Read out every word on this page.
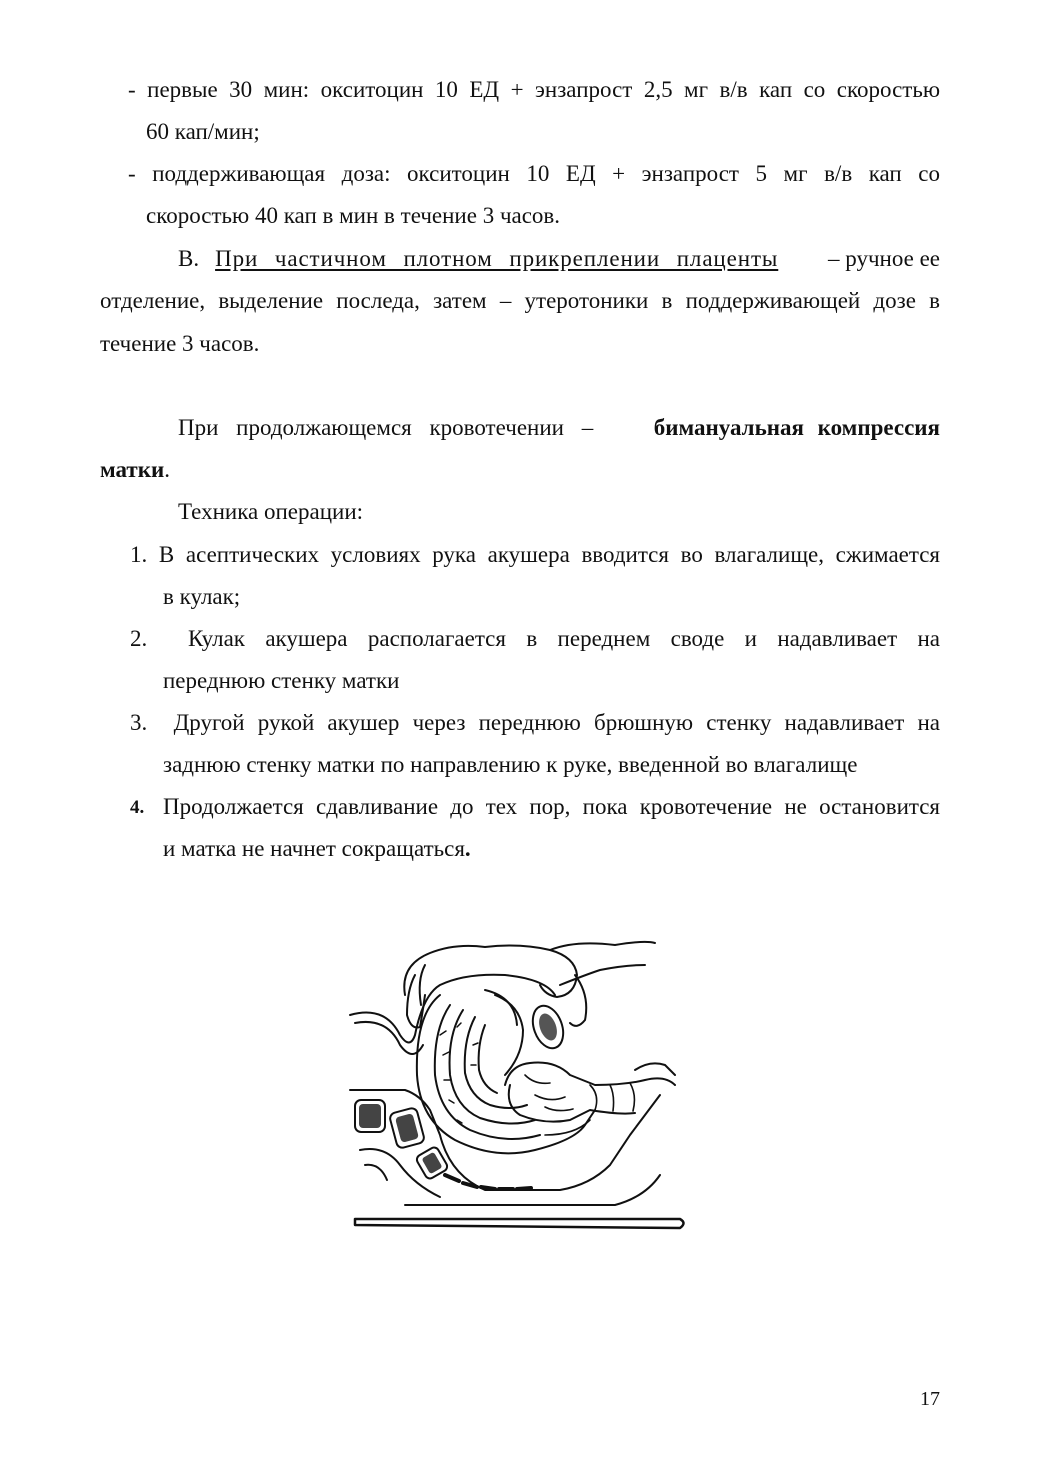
- первые 30 мин: окситоцин 10 ЕД + энзапрост 2,5 мг в/в кап со скоростью
60 кап/мин;
- поддерживающая доза: окситоцин 10 ЕД + энзапрост 5 мг в/в кап со
скоростью 40 кап в мин в течение 3 часов.
В. При частичном плотном прикреплении плаценты – ручное ее
отделение, выделение последа, затем – утеротоники в поддерживающей дозе в
течение 3 часов.
При продолжающемся кровотечении –	бимануальная компрессия
матки.
Техника операции:
1. В асептических условиях рука акушера вводится во влагалище, сжимается
в кулак;
2. Кулак акушера располагается в переднем своде и надавливает на
переднюю стенку матки
3. Другой рукой акушер через переднюю брюшную стенку надавливает на
заднюю стенку матки по направлению к руке, введенной во влагалище
4. Продолжается сдавливание до тех пор, пока кровотечение не остановится
и матка не начнет сокращаться.
17
